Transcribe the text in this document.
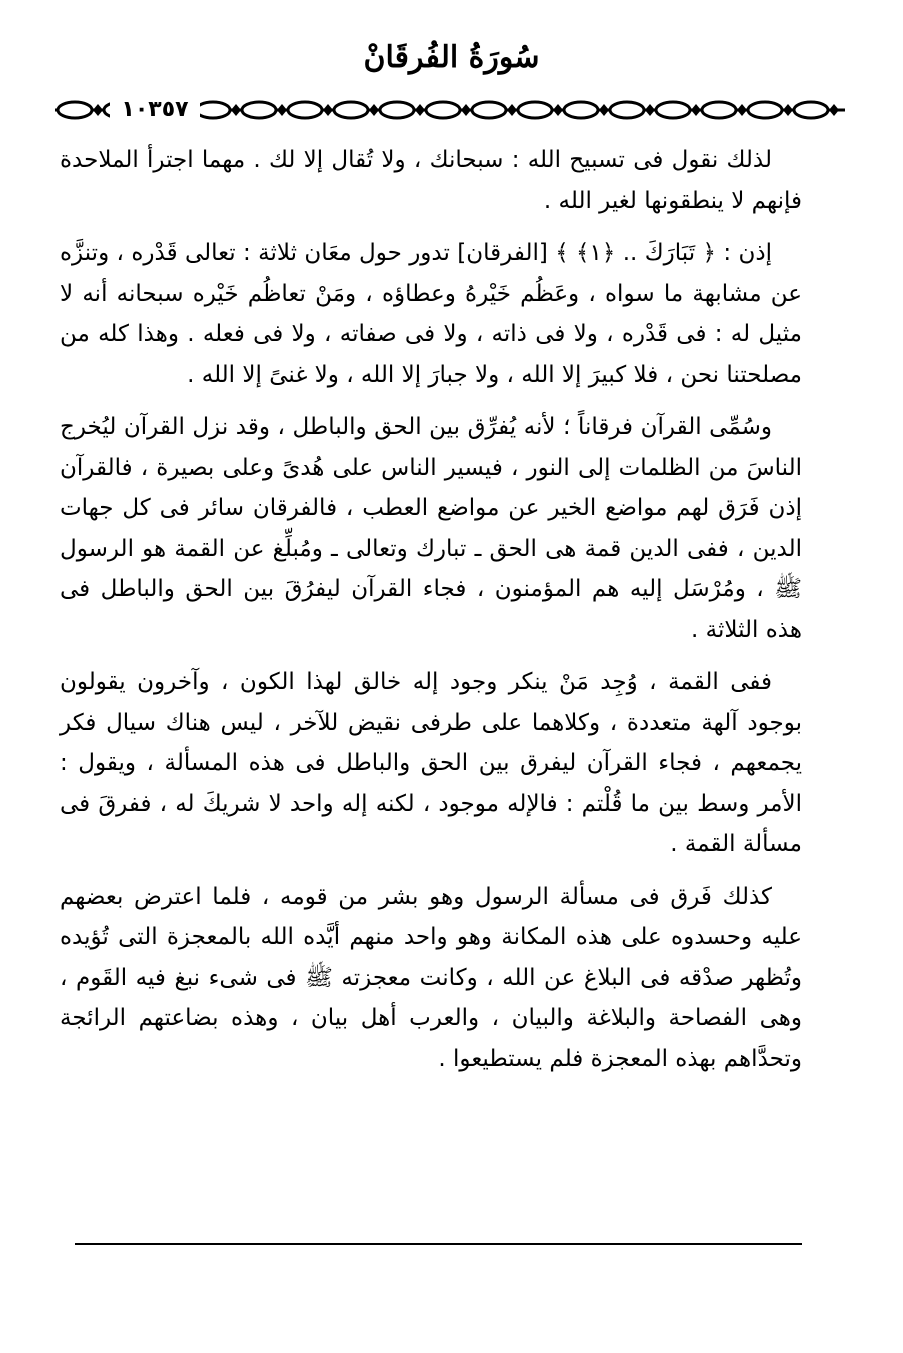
سُورَةُ الفُرقَانْ
١٠٣٥٧

لذلك نقول فى تسبيح الله : سبحانك ، ولا تُقال إلا لك . مهما اجترأ الملاحدة فإنهم لا ينطقونها لغير الله .

إذن : ﴿ تَبَارَكَ .. ﴿١﴾ ﴾ [الفرقان] تدور حول معَان ثلاثة : تعالى قَدْره ، وتنزَّه عن مشابهة ما سواه ، وعَظُم خَيْرهُ وعطاؤه ، ومَنْ تعاظُم خَيْره سبحانه أنه لا مثيل له : فى قَدْره ، ولا فى ذاته ، ولا فى صفاته ، ولا فى فعله . وهذا كله من مصلحتنا نحن ، فلا كبيرَ إلا الله ، ولا جبارَ إلا الله ، ولا غنىً إلا الله .

وسُمِّى القرآن فرقاناً ؛ لأنه يُفرِّق بين الحق والباطل ، وقد نزل القرآن ليُخرج الناسَ من الظلمات إلى النور ، فيسير الناس على هُدىً وعلى بصيرة ، فالقرآن إذن فَرَق لهم مواضع الخير عن مواضع العطب ، فالفرقان سائر فى كل جهات الدين ، ففى الدين قمة هى الحق ـ تبارك وتعالى ـ ومُبلِّغ عن القمة هو الرسول ﷺ ، ومُرْسَل إليه هم المؤمنون ، فجاء القرآن ليفرُقَ بين الحق والباطل فى هذه الثلاثة .

ففى القمة ، وُجِد مَنْ ينكر وجود إله خالق لهذا الكون ، وآخرون يقولون بوجود آلهة متعددة ، وكلاهما على طرفى نقيض للآخر ، ليس هناك سيال فكر يجمعهم ، فجاء القرآن ليفرق بين الحق والباطل فى هذه المسألة ، ويقول : الأمر وسط بين ما قُلْتم : فالإله موجود ، لكنه إله واحد لا شريكَ له ، ففرقَ فى مسألة القمة .

كذلك فَرق فى مسألة الرسول وهو بشر من قومه ، فلما اعترض بعضهم عليه وحسدوه على هذه المكانة وهو واحد منهم أيَّده الله بالمعجزة التى تُؤيده وتُظهر صدْقه فى البلاغ عن الله ، وكانت معجزته ﷺ فى شىء نبغ فيه القَوم ، وهى الفصاحة والبلاغة والبيان ، والعرب أهل بيان ، وهذه بضاعتهم الرائجة وتحدَّاهم بهذه المعجزة فلم يستطيعوا .
